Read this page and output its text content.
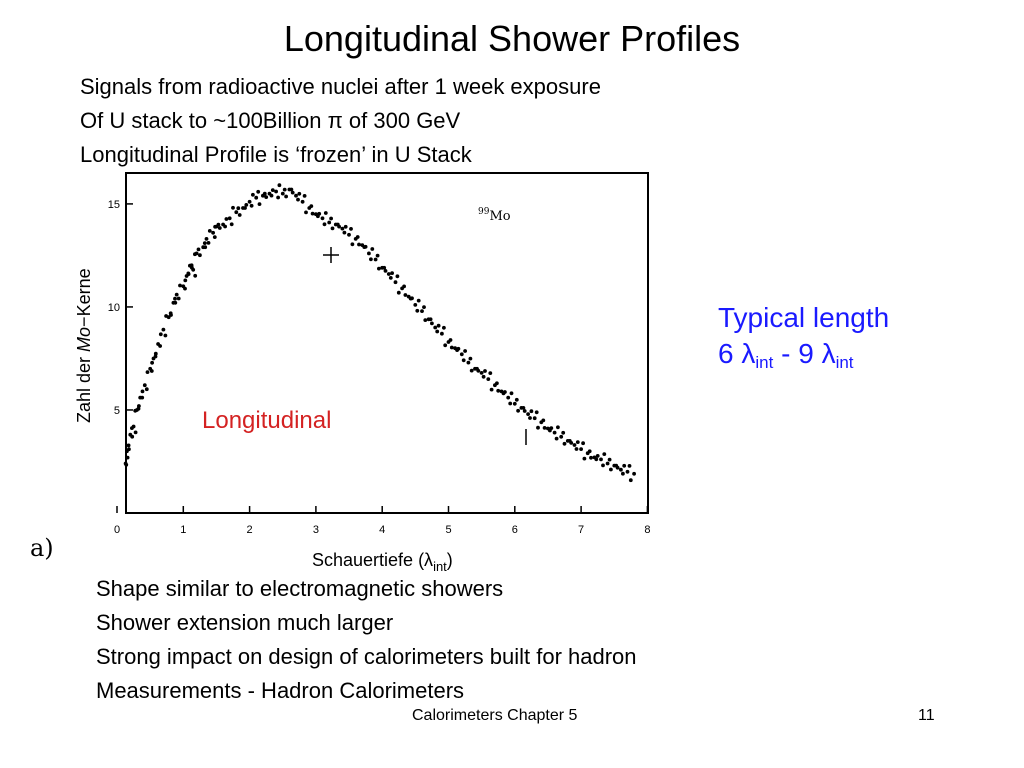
Longitudinal Shower Profiles
Signals from radioactive nuclei after 1 week exposure
Of U stack to ~100Billion π of 300 GeV
Longitudinal Profile is ‘frozen’ in U Stack
0	1	2	3	4	5	6	7	8
5
10
15
$^{99}$Mo
Longitudinal
Zahl der Mo−Kerne
Schauertiefe $(\lambda_{int})$
a)
Typical length
6 $\lambda_{int} - 9$ $\lambda_{int}$
Shape similar to electromagnetic showers
Shower extension much larger
Strong impact on design of calorimeters built for hadron
Measurements - Hadron Calorimeters
Calorimeters Chapter 5	11
